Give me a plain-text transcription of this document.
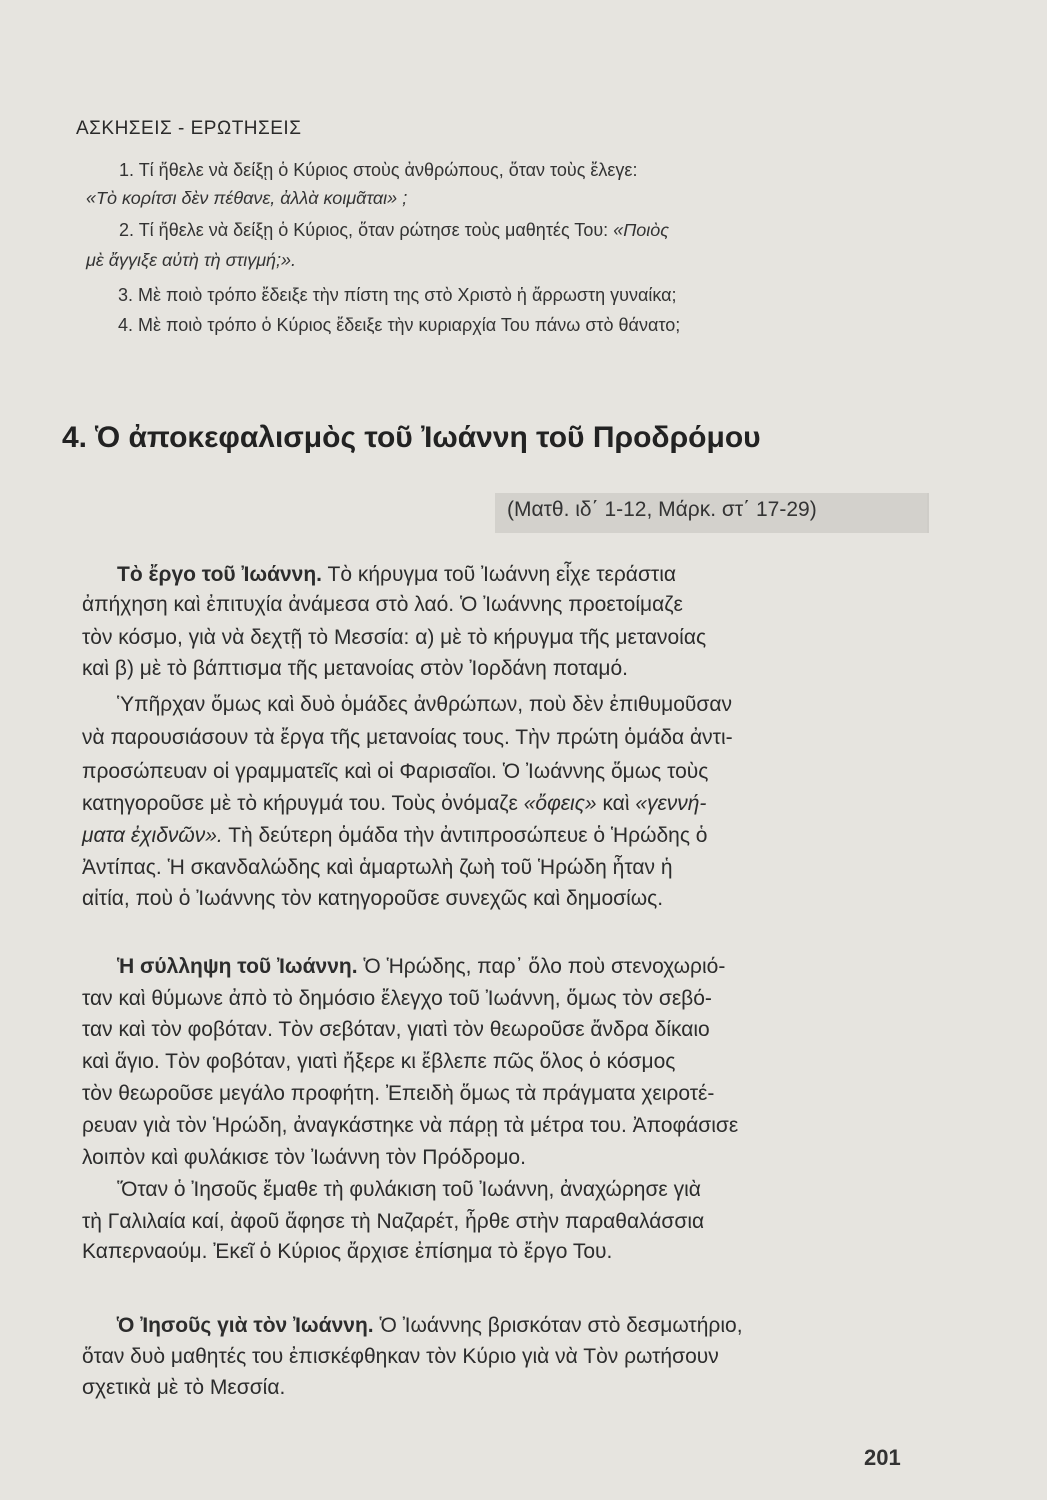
ΑΣΚΗΣΕΙΣ - ΕΡΩΤΗΣΕΙΣ
1. Τί ἤθελε νὰ δείξῃ ὁ Κύριος στοὺς ἀνθρώπους, ὅταν τοὺς ἔλεγε:
«Τὸ κορίτσι δὲν πέθανε, ἀλλὰ κοιμᾶται» ;
2. Τί ἤθελε νὰ δείξῃ ὁ Κύριος, ὅταν ρώτησε τοὺς μαθητές Του: «Ποιὸς
μὲ ἄγγιξε αὐτὴ τὴ στιγμή;».
3. Μὲ ποιὸ τρόπο ἔδειξε τὴν πίστη της στὸ Χριστὸ ἡ ἄρρωστη γυναίκα;
4. Μὲ ποιὸ τρόπο ὁ Κύριος ἔδειξε τὴν κυριαρχία Του πάνω στὸ θάνατο;
4. Ὁ ἀποκεφαλισμὸς τοῦ Ἰωάννη τοῦ Προδρόμου
(Ματθ. ιδ΄ 1-12, Μάρκ. στ΄ 17-29)
Τὸ ἔργο τοῦ Ἰωάννη. Τὸ κήρυγμα τοῦ Ἰωάννη εἶχε τεράστια
ἀπήχηση καὶ ἐπιτυχία ἀνάμεσα στὸ λαό. Ὁ Ἰωάννης προετοίμαζε
τὸν κόσμο, γιὰ νὰ δεχτῇ τὸ Μεσσία: α) μὲ τὸ κήρυγμα τῆς μετανοίας
καὶ β) μὲ τὸ βάπτισμα τῆς μετανοίας στὸν Ἰορδάνη ποταμό.
Ὑπῆρχαν ὅμως καὶ δυὸ ὁμάδες ἀνθρώπων, ποὺ δὲν ἐπιθυμοῦσαν
νὰ παρουσιάσουν τὰ ἔργα τῆς μετανοίας τους. Τὴν πρώτη ὁμάδα ἀντι-
προσώπευαν οἱ γραμματεῖς καὶ οἱ Φαρισαῖοι. Ὁ Ἰωάννης ὅμως τοὺς
κατηγοροῦσε μὲ τὸ κήρυγμά του. Τοὺς ὀνόμαζε «ὄφεις» καὶ «γεννή-
ματα ἐχιδνῶν». Τὴ δεύτερη ὁμάδα τὴν ἀντιπροσώπευε ὁ Ἡρώδης ὁ
Ἀντίπας. Ἡ σκανδαλώδης καὶ ἁμαρτωλὴ ζωὴ τοῦ Ἡρώδη ἦταν ἡ
αἰτία, ποὺ ὁ Ἰωάννης τὸν κατηγοροῦσε συνεχῶς καὶ δημοσίως.
Ἡ σύλληψη τοῦ Ἰωάννη. Ὁ Ἡρώδης, παρ᾽ ὅλο ποὺ στενοχωριό-
ταν καὶ θύμωνε ἀπὸ τὸ δημόσιο ἔλεγχο τοῦ Ἰωάννη, ὅμως τὸν σεβό-
ταν καὶ τὸν φοβόταν. Τὸν σεβόταν, γιατὶ τὸν θεωροῦσε ἄνδρα δίκαιο
καὶ ἅγιο. Τὸν φοβόταν, γιατὶ ἤξερε κι ἔβλεπε πῶς ὅλος ὁ κόσμος
τὸν θεωροῦσε μεγάλο προφήτη. Ἐπειδὴ ὅμως τὰ πράγματα χειροτέ-
ρευαν γιὰ τὸν Ἡρώδη, ἀναγκάστηκε νὰ πάρῃ τὰ μέτρα του. Ἀποφάσισε
λοιπὸν καὶ φυλάκισε τὸν Ἰωάννη τὸν Πρόδρομο.
Ὅταν ὁ Ἰησοῦς ἔμαθε τὴ φυλάκιση τοῦ Ἰωάννη, ἀναχώρησε γιὰ
τὴ Γαλιλαία καί, ἀφοῦ ἄφησε τὴ Ναζαρέτ, ἦρθε στὴν παραθαλάσσια
Καπερναούμ. Ἐκεῖ ὁ Κύριος ἄρχισε ἐπίσημα τὸ ἔργο Του.
Ὁ Ἰησοῦς γιὰ τὸν Ἰωάννη. Ὁ Ἰωάννης βρισκόταν στὸ δεσμωτήριο,
ὅταν δυὸ μαθητές του ἐπισκέφθηκαν τὸν Κύριο γιὰ νὰ Τὸν ρωτήσουν
σχετικὰ μὲ τὸ Μεσσία.
201
